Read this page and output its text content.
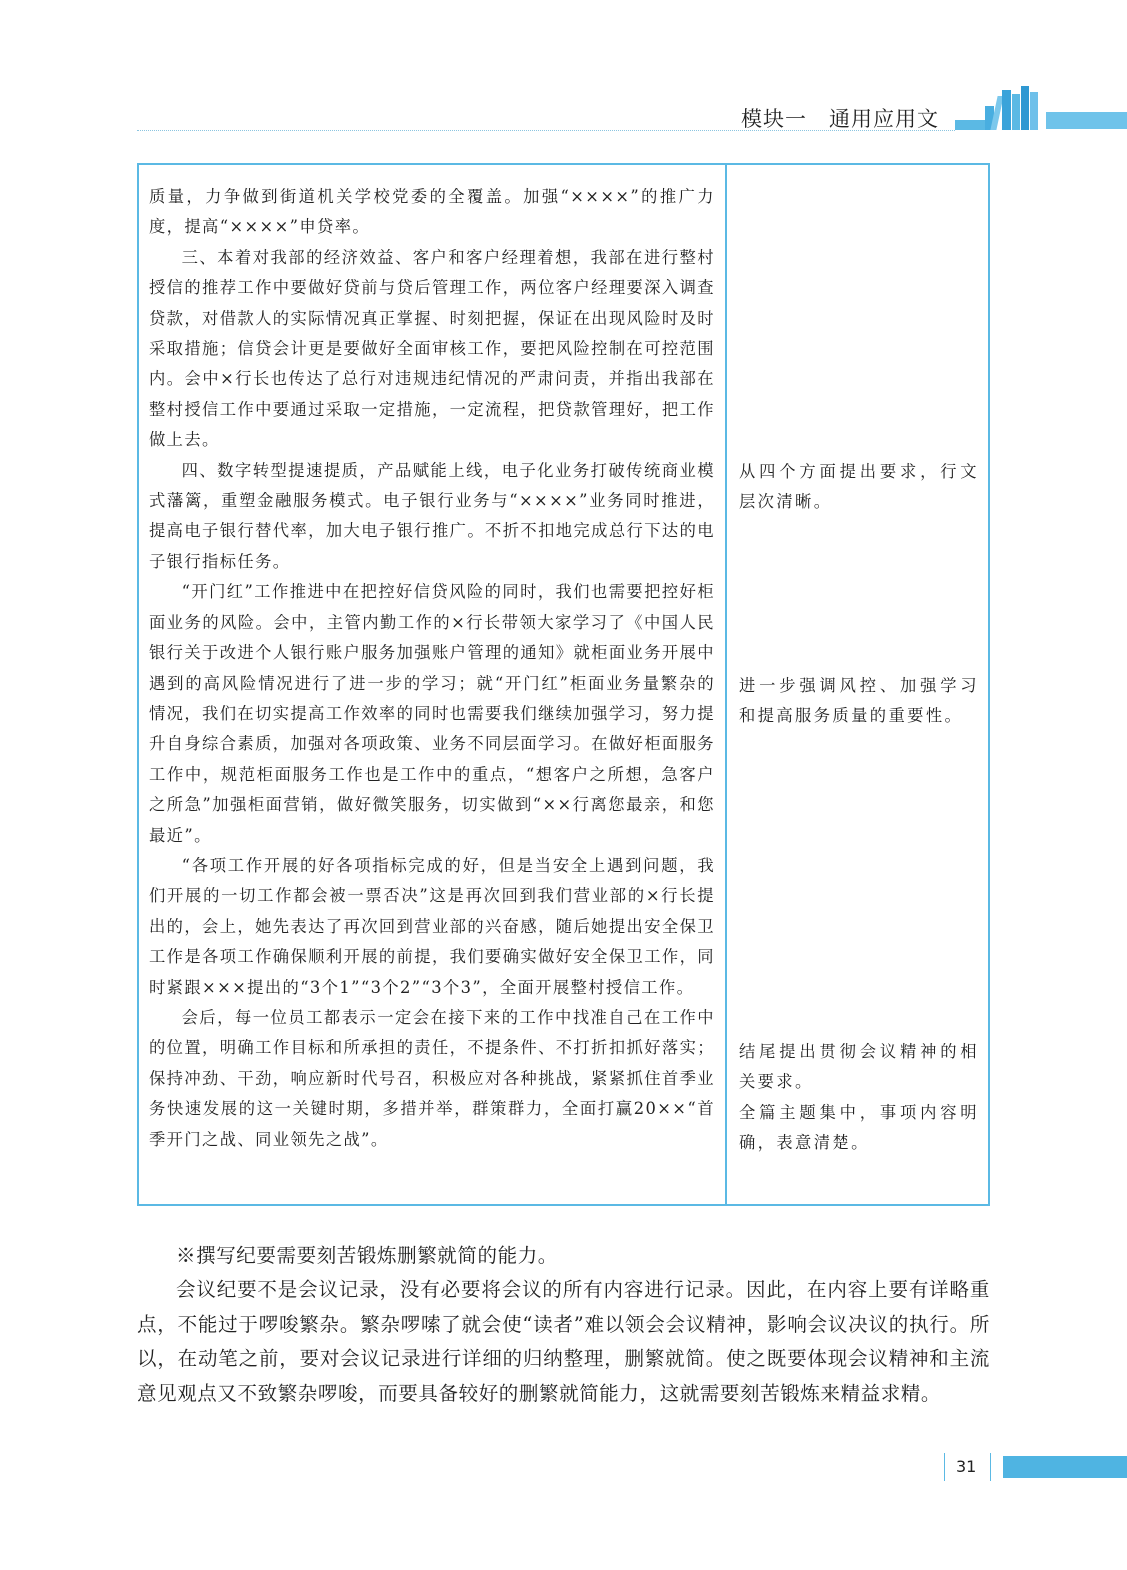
模块一 通用应用文

质量，力争做到街道机关学校党委的全覆盖。加强“××××”的推广力度，提高“××××”申贷率。

三、本着对我部的经济效益、客户和客户经理着想，我部在进行整村授信的推荐工作中要做好贷前与贷后管理工作，两位客户经理要深入调查贷款，对借款人的实际情况真正掌握、时刻把握，保证在出现风险时及时采取措施；信贷会计更是要做好全面审核工作，要把风险控制在可控范围内。会中×行长也传达了总行对违规违纪情况的严肃问责，并指出我部在整村授信工作中要通过采取一定措施，一定流程，把贷款管理好，把工作做上去。

四、数字转型提速提质，产品赋能上线，电子化业务打破传统商业模式藩篱，重塑金融服务模式。电子银行业务与“××××”业务同时推进，提高电子银行替代率，加大电子银行推广。不折不扣地完成总行下达的电子银行指标任务。

“开门红”工作推进中在把控好信贷风险的同时，我们也需要把控好柜面业务的风险。会中，主管内勤工作的×行长带领大家学习了《中国人民银行关于改进个人银行账户服务加强账户管理的通知》就柜面业务开展中遇到的高风险情况进行了进一步的学习；就“开门红”柜面业务量繁杂的情况，我们在切实提高工作效率的同时也需要我们继续加强学习，努力提升自身综合素质，加强对各项政策、业务不同层面学习。在做好柜面服务工作中，规范柜面服务工作也是工作中的重点，“想客户之所想，急客户之所急”加强柜面营销，做好微笑服务，切实做到“××行离您最亲，和您最近”。

“各项工作开展的好各项指标完成的好，但是当安全上遇到问题，我们开展的一切工作都会被一票否决”这是再次回到我们营业部的×行长提出的，会上，她先表达了再次回到营业部的兴奋感，随后她提出安全保卫工作是各项工作确保顺利开展的前提，我们要确实做好安全保卫工作，同时紧跟×××提出的“3个1”“3个2”“3个3”，全面开展整村授信工作。

会后，每一位员工都表示一定会在接下来的工作中找准自己在工作中的位置，明确工作目标和所承担的责任，不提条件、不打折扣抓好落实；保持冲劲、干劲，响应新时代号召，积极应对各种挑战，紧紧抓住首季业务快速发展的这一关键时期，多措并举，群策群力，全面打赢20××“首季开门之战、同业领先之战”。

从四个方面提出要求，行文层次清晰。

进一步强调风控、加强学习和提高服务质量的重要性。

结尾提出贯彻会议精神的相关要求。

全篇主题集中，事项内容明确，表意清楚。

※撰写纪要需要刻苦锻炼删繁就简的能力。

会议纪要不是会议记录，没有必要将会议的所有内容进行记录。因此，在内容上要有详略重点，不能过于啰唆繁杂。繁杂啰嗦了就会使“读者”难以领会会议精神，影响会议决议的执行。所以，在动笔之前，要对会议记录进行详细的归纳整理，删繁就简。使之既要体现会议精神和主流意见观点又不致繁杂啰唆，而要具备较好的删繁就简能力，这就需要刻苦锻炼来精益求精。

31
